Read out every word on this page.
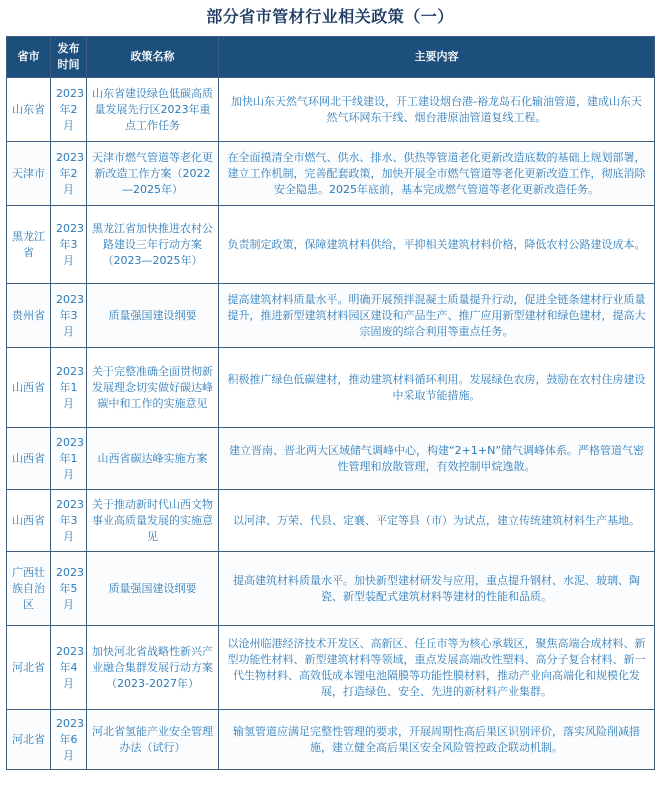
部分省市管材行业相关政策（一）
省市	发布时间	政策名称	主要内容
山东省	2023年2月	山东省建设绿色低碳高质量发展先行区2023年重点工作任务	加快山东天然气环网北干线建设，开工建设烟台港-裕龙岛石化输油管道，建成山东天然气环网东干线、烟台港原油管道复线工程。
天津市	2023年2月	天津市燃气管道等老化更新改造工作方案（2022—2025年）	在全面摸清全市燃气、供水、排水、供热等管道老化更新改造底数的基础上规划部署，建立工作机制，完善配套政策，加快开展全市燃气管道等老化更新改造工作，彻底消除安全隐患。2025年底前，基本完成燃气管道等老化更新改造任务。
黑龙江省	2023年3月	黑龙江省加快推进农村公路建设三年行动方案（2023—2025年）	负责制定政策，保障建筑材料供给，平抑相关建筑材料价格，降低农村公路建设成本。
贵州省	2023年3月	质量强国建设纲要	提高建筑材料质量水平。明确开展预拌混凝土质量提升行动，促进全链条建材行业质量提升，推进新型建筑材料园区建设和产品生产、推广应用新型建材和绿色建材，提高大宗固废的综合利用等重点任务。
山西省	2023年1月	关于完整准确全面贯彻新发展理念切实做好碳达峰碳中和工作的实施意见	积极推广绿色低碳建材，推动建筑材料循环利用。发展绿色农房，鼓励在农村住房建设中采取节能措施。
山西省	2023年1月	山西省碳达峰实施方案	建立晋南、晋北两大区域储气调峰中心，构建“2+1+N”储气调峰体系。严格管道气密性管理和放散管理，有效控制甲烷逸散。
山西省	2023年3月	关于推动新时代山西文物事业高质量发展的实施意见	以河津、万荣、代县、定襄、平定等县（市）为试点，建立传统建筑材料生产基地。
广西壮族自治区	2023年5月	质量强国建设纲要	提高建筑材料质量水平。加快新型建材研发与应用，重点提升钢材、水泥、玻璃、陶瓷、新型装配式建筑材料等建材的性能和品质。
河北省	2023年4月	加快河北省战略性新兴产业融合集群发展行动方案（2023-2027年）	以沧州临港经济技术开发区、高新区、任丘市等为核心承载区，聚焦高端合成材料、新型功能性材料、新型建筑材料等领域，重点发展高端改性塑料、高分子复合材料、新一代生物材料、高效低成本锂电池隔膜等功能性膜材料，推动产业向高端化和规模化发展，打造绿色、安全、先进的新材料产业集群。
河北省	2023年6月	河北省氢能产业安全管理办法（试行）	输氢管道应满足完整性管理的要求，开展周期性高后果区识别评价，落实风险削减措施，建立健全高后果区安全风险管控政企联动机制。
